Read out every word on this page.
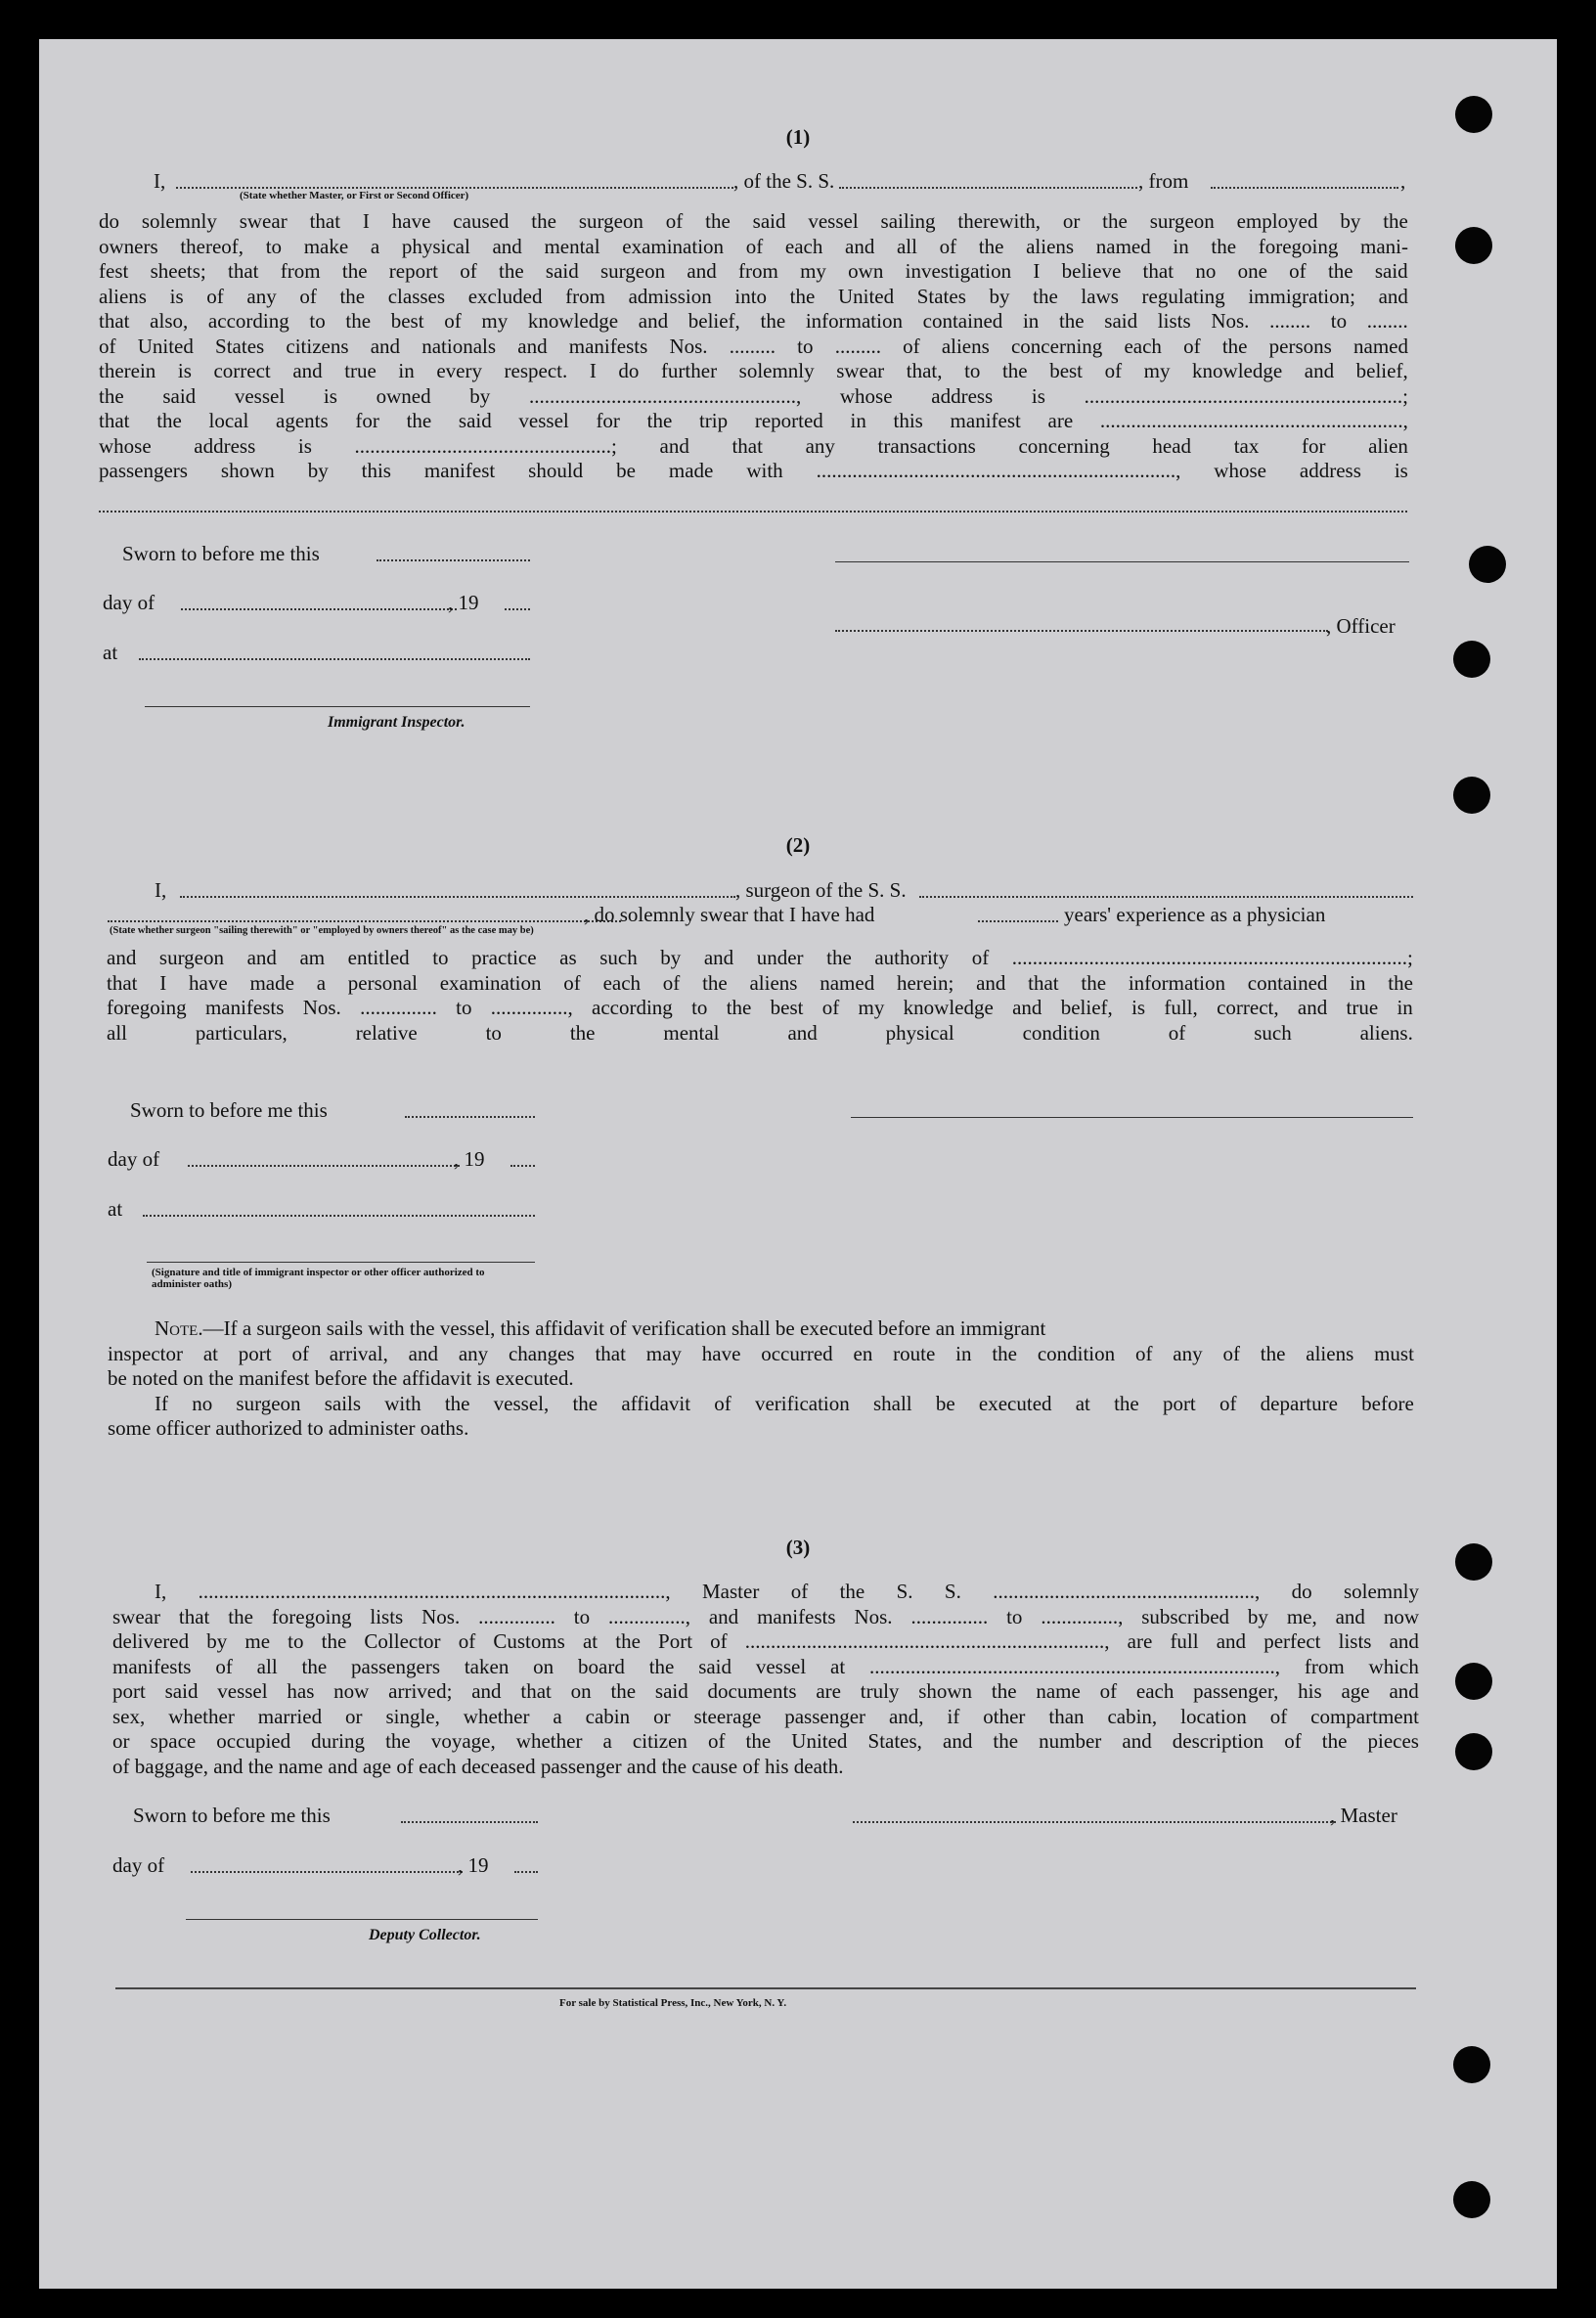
(1)
I,	, of the S. S.	, from	,
(State whether Master, or First or Second Officer)
do solemnly swear that I have caused the surgeon of the said vessel sailing therewith, or the surgeon employed by the
owners thereof, to make a physical and mental examination of each and all of the aliens named in the foregoing mani-
fest sheets; that from the report of the said surgeon and from my own investigation I believe that no one of the said
aliens is of any of the classes excluded from admission into the United States by the laws regulating immigration; and
that also, according to the best of my knowledge and belief, the information contained in the said lists Nos. ........ to ........
of United States citizens and nationals and manifests Nos. ......... to ......... of aliens concerning each of the persons named
therein is correct and true in every respect. I do further solemnly swear that, to the best of my knowledge and belief,
the said vessel is owned by ...................................................., whose address is ..............................................................;
that the local agents for the said vessel for the trip reported in this manifest are ...........................................................,
whose address is ..................................................; and that any transactions concerning head tax for alien
passengers shown by this manifest should be made with ......................................................................, whose address is
Sworn to before me this
day of	, 19
, Officer
at
Immigrant Inspector.
(2)
I,	, surgeon of the S. S.
, do solemnly swear that I have had	years' experience as a physician
(State whether surgeon "sailing therewith" or "employed by owners thereof" as the case may be)
and surgeon and am entitled to practice as such by and under the authority of .............................................................................;
that I have made a personal examination of each of the aliens named herein; and that the information contained in the
foregoing manifests Nos. ............... to ..............., according to the best of my knowledge and belief, is full, correct, and true in
all	particulars,	relative	to	the	mental	and	physical	condition	of	such	aliens.
Sworn to before me this
day of	, 19
at
(Signature and title of immigrant inspector or other officer authorized to administer oaths)
Note.—If a surgeon sails with the vessel, this affidavit of verification shall be executed before an immigrant
inspector at port of arrival, and any changes that may have occurred en route in the condition of any of the aliens must
be noted on the manifest before the affidavit is executed.
If no surgeon sails with the vessel, the affidavit of verification shall be executed at the port of departure before
some officer authorized to administer oaths.
(3)
I, ..........................................................................................., Master of the S. S. ..................................................., do solemnly
swear that the foregoing lists Nos. ............... to ..............., and manifests Nos. ............... to ..............., subscribed by me, and now
delivered by me to the Collector of Customs at the Port of ......................................................................, are full and perfect lists and
manifests of all the passengers taken on board the said vessel at ..............................................................................., from which
port said vessel has now arrived; and that on the said documents are truly shown the name of each passenger, his age and
sex, whether married or single, whether a cabin or steerage passenger and, if other than cabin, location of compartment
or space occupied during the voyage, whether a citizen of the United States, and the number and description of the pieces
of baggage, and the name and age of each deceased passenger and the cause of his death.
Sworn to before me this	, Master
day of	, 19
Deputy Collector.
For sale by Statistical Press, Inc., New York, N. Y.
